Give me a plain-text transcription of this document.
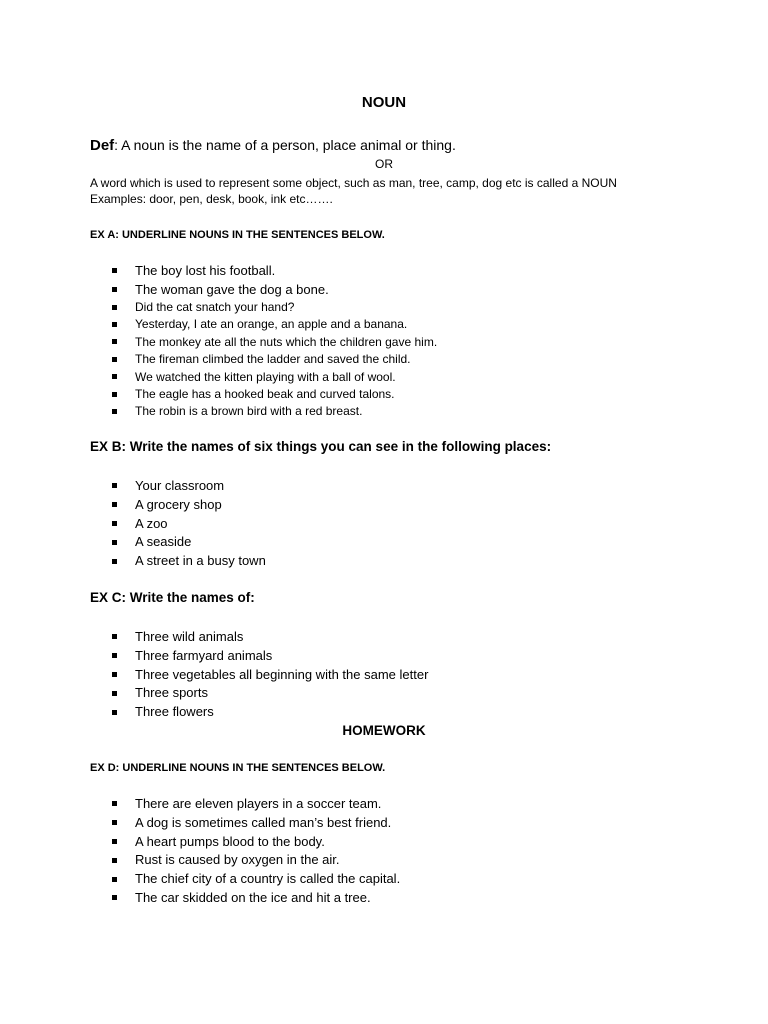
NOUN
Def: A noun is the name of a person, place animal or thing.
OR
A word which is used to represent some object, such as man, tree, camp, dog etc is called a NOUN
Examples: door, pen, desk, book, ink etc…….
EX A: UNDERLINE NOUNS IN THE SENTENCES BELOW.
The boy lost his football.
The woman gave the dog a bone.
Did the cat snatch your hand?
Yesterday, I ate an orange, an apple and a banana.
The monkey ate all the nuts which the children gave him.
The fireman climbed the ladder and saved the child.
We watched the kitten playing with a ball of wool.
The eagle has a hooked beak and curved talons.
The robin is a brown bird with a red breast.
EX B: Write the names of six things you can see in the following places:
Your classroom
A grocery shop
A zoo
A seaside
A street in a busy town
EX C: Write the names of:
Three wild animals
Three farmyard animals
Three vegetables all beginning with the same letter
Three sports
Three flowers
HOMEWORK
EX D: UNDERLINE NOUNS IN THE SENTENCES BELOW.
There are eleven players in a soccer team.
A dog is sometimes called man’s best friend.
A heart pumps blood to the body.
Rust is caused by oxygen in the air.
The chief city of a country is called the capital.
The car skidded on the ice and hit a tree.
